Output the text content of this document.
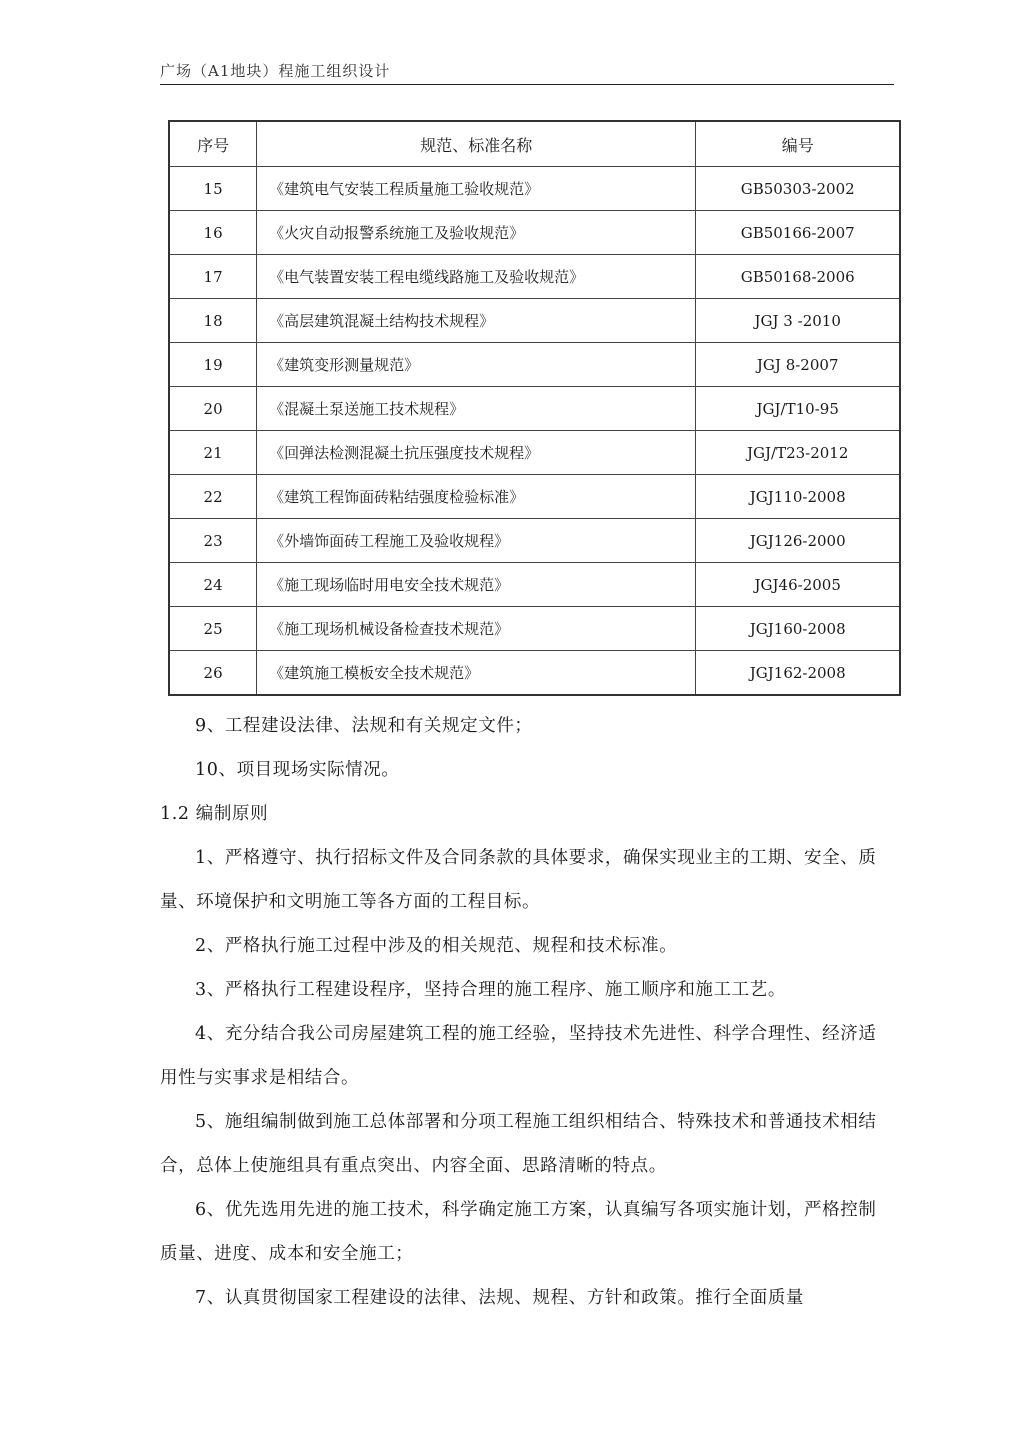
广场（A1地块）程施工组织设计
序号	规范、标准名称	编号
15	《建筑电气安装工程质量施工验收规范》	GB50303-2002
16	《火灾自动报警系统施工及验收规范》	GB50166-2007
17	《电气装置安装工程电缆线路施工及验收规范》	GB50168-2006
18	《高层建筑混凝土结构技术规程》	JGJ 3 -2010
19	《建筑变形测量规范》	JGJ 8-2007
20	《混凝土泵送施工技术规程》	JGJ/T10-95
21	《回弹法检测混凝土抗压强度技术规程》	JGJ/T23-2012
22	《建筑工程饰面砖粘结强度检验标准》	JGJ110-2008
23	《外墙饰面砖工程施工及验收规程》	JGJ126-2000
24	《施工现场临时用电安全技术规范》	JGJ46-2005
25	《施工现场机械设备检查技术规范》	JGJ160-2008
26	《建筑施工模板安全技术规范》	JGJ162-2008

9、工程建设法律、法规和有关规定文件；

10、项目现场实际情况。

1.2 编制原则

1、严格遵守、执行招标文件及合同条款的具体要求，确保实现业主的工期、安全、质量、环境保护和文明施工等各方面的工程目标。

2、严格执行施工过程中涉及的相关规范、规程和技术标准。

3、严格执行工程建设程序，坚持合理的施工程序、施工顺序和施工工艺。

4、充分结合我公司房屋建筑工程的施工经验，坚持技术先进性、科学合理性、经济适用性与实事求是相结合。

5、施组编制做到施工总体部署和分项工程施工组织相结合、特殊技术和普通技术相结合，总体上使施组具有重点突出、内容全面、思路清晰的特点。

6、优先选用先进的施工技术，科学确定施工方案，认真编写各项实施计划，严格控制质量、进度、成本和安全施工；

7、认真贯彻国家工程建设的法律、法规、规程、方针和政策。推行全面质量
